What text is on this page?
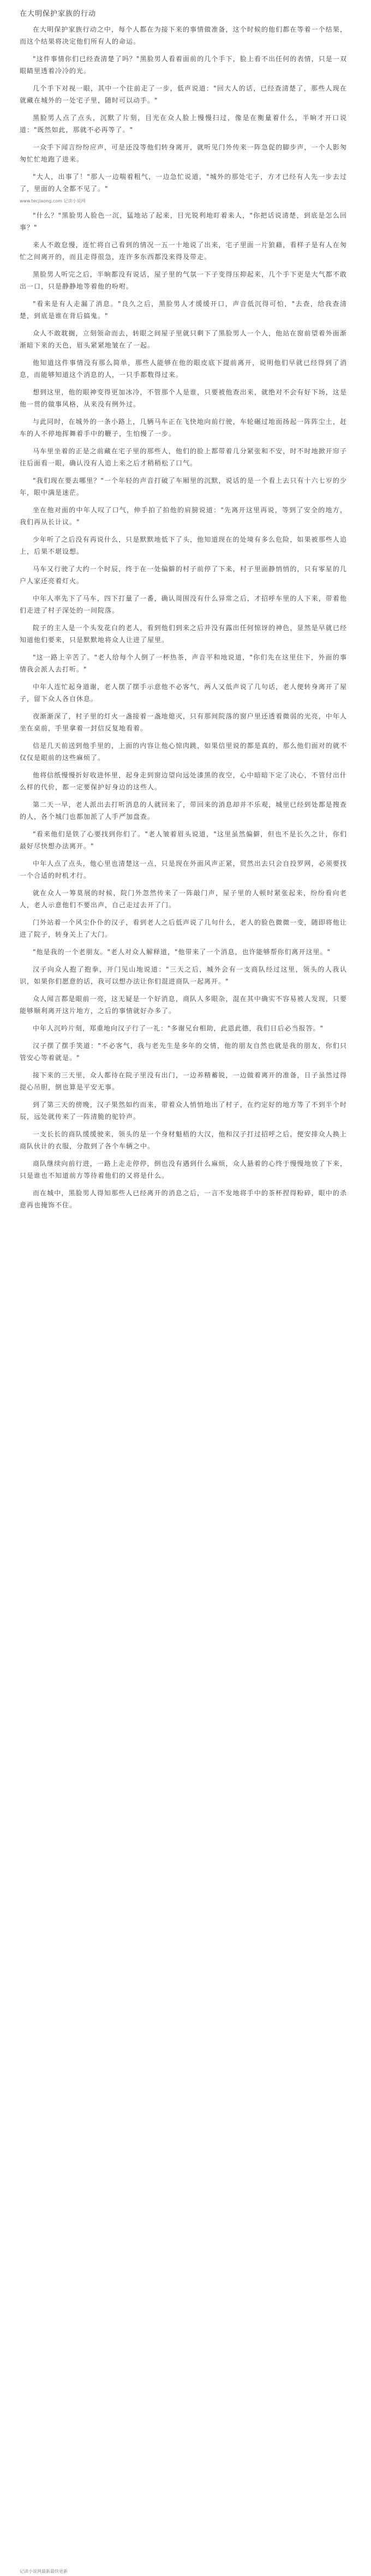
在大明保护家族的行动

在大明保护家族行动之中，每个人都在为接下来的事情做准备，这个时候的他们都在等着一个结果，而这个结果将决定他们所有人的命运。

"这件事情你们已经查清楚了吗？"黑脸男人看着面前的几个手下，脸上看不出任何的表情，只是一双眼睛里透着冷冷的光。

几个手下对视一眼，其中一个往前走了一步，低声说道："回大人的话，已经查清楚了，那些人现在就藏在城外的一处宅子里，随时可以动手。"

黑脸男人点了点头，沉默了片刻，目光在众人脸上慢慢扫过，像是在衡量着什么，半晌才开口说道："既然如此，那就不必再等了。"

一众手下闻言纷纷应声，可是还没等他们转身离开，就听见门外传来一阵急促的脚步声，一个人影匆匆忙忙地跑了进来。

"大人，出事了！"那人一边喘着粗气，一边急忙说道，"城外的那处宅子，方才已经有人先一步去过了，里面的人全都不见了。"

www.tecjiaong.com 记读小说网

"什么？"黑脸男人脸色一沉，猛地站了起来，目光锐利地盯着来人，"你把话说清楚，到底是怎么回事？"

来人不敢怠慢，连忙将自己看到的情况一五一十地说了出来，宅子里面一片狼藉，看样子是有人在匆忙之间离开的，而且走得很急，连许多东西都没来得及带走。

黑脸男人听完之后，半晌都没有说话，屋子里的气氛一下子变得压抑起来，几个手下更是大气都不敢出一口，只是静静地等着他的吩咐。

"看来是有人走漏了消息。"良久之后，黑脸男人才缓缓开口，声音低沉得可怕，"去查，给我查清楚，到底是谁在背后搞鬼。"

众人不敢耽搁，立刻领命而去，转眼之间屋子里就只剩下了黑脸男人一个人，他站在窗前望着外面渐渐暗下来的天色，眉头紧紧地皱在了一起。

他知道这件事情没有那么简单，那些人能够在他的眼皮底下提前离开，说明他们早就已经得到了消息，而能够知道这个消息的人，一只手都数得过来。

想到这里，他的眼神变得更加冰冷，不管那个人是谁，只要被他查出来，就绝对不会有好下场，这是他一贯的做事风格，从来没有例外过。

与此同时，在城外的一条小路上，几辆马车正在飞快地向前行驶，车轮碾过地面扬起一阵阵尘土，赶车的人不停地挥舞着手中的鞭子，生怕慢了一步。

马车里坐着的正是之前藏在宅子里的那些人，他们的脸上都带着几分紧张和不安，时不时地掀开帘子往后面看一眼，确认没有人追上来之后才稍稍松了口气。

"我们现在要去哪里？"一个年轻的声音打破了车厢里的沉默，说话的是一个看上去只有十六七岁的少年，眼中满是迷茫。

坐在他对面的中年人叹了口气，伸手拍了拍他的肩膀说道："先离开这里再说，等到了安全的地方，我们再从长计议。"

少年听了之后没有再说什么，只是默默地低下了头，他知道现在的处境有多么危险，如果被那些人追上，后果不堪设想。

马车又行驶了大约一个时辰，终于在一处偏僻的村子前停了下来，村子里面静悄悄的，只有零星的几户人家还亮着灯火。

中年人率先下了马车，四下打量了一番，确认周围没有什么异常之后，才招呼车里的人下来，带着他们走进了村子深处的一间院落。

院子的主人是一个头发花白的老人，看到他们到来之后并没有露出任何惊讶的神色，显然是早就已经知道他们要来，只是默默地将众人让进了屋里。

"这一路上辛苦了。"老人给每个人倒了一杯热茶，声音平和地说道，"你们先在这里住下，外面的事情我会派人去打听。"

中年人连忙起身道谢，老人摆了摆手示意他不必客气，两人又低声说了几句话，老人便转身离开了屋子，留下众人各自休息。

夜渐渐深了，村子里的灯火一盏接着一盏地熄灭，只有那间院落的窗户里还透着微弱的光亮，中年人坐在桌前，手里拿着一封信反复地看着。

信是几天前送到他手里的，上面的内容让他心惊肉跳，如果信里说的都是真的，那么他们面对的就不仅仅是眼前的这些麻烦了。

他将信纸慢慢折好收进怀里，起身走到窗边望向远处漆黑的夜空，心中暗暗下定了决心，不管付出什么样的代价，都一定要保护好身边的这些人。

第二天一早，老人派出去打听消息的人就回来了，带回来的消息却并不乐观，城里已经到处都是搜查的人，各个城门也都加派了人手严加盘查。

"看来他们是铁了心要找到你们了。"老人皱着眉头说道，"这里虽然偏僻，但也不是长久之计，你们最好尽快想办法离开。"

中年人点了点头，他心里也清楚这一点，只是现在外面风声正紧，贸然出去只会自投罗网，必须要找一个合适的时机才行。

就在众人一筹莫展的时候，院门外忽然传来了一阵敲门声，屋子里的人顿时紧张起来，纷纷看向老人，老人示意他们不要出声，自己走过去开了门。

门外站着一个风尘仆仆的汉子，看到老人之后低声说了几句什么，老人的脸色微微一变，随即将他让进了院子，转身关上了大门。

"他是我的一个老朋友。"老人对众人解释道，"他带来了一个消息，也许能够帮你们离开这里。"

汉子向众人抱了抱拳，开门见山地说道："三天之后，城外会有一支商队经过这里，领头的人我认识，如果你们愿意的话，我可以想办法让你们混进商队一起离开。"

众人闻言都是眼前一亮，这无疑是一个好消息，商队人多眼杂，混在其中确实不容易被人发现，只要能够顺利离开这片地方，之后的事情就好办多了。

中年人沉吟片刻，郑重地向汉子行了一礼："多谢兄台相助，此恩此德，我们日后必当报答。"

汉子摆了摆手笑道："不必客气，我与老先生是多年的交情，他的朋友自然也就是我的朋友，你们只管安心等着就是。"

接下来的三天里，众人都待在院子里没有出门，一边养精蓄锐，一边做着离开的准备，日子虽然过得提心吊胆，倒也算是平安无事。

到了第三天的傍晚，汉子果然如约而来，带着众人悄悄地出了村子，在约定好的地方等了不到半个时辰，远处就传来了一阵清脆的驼铃声。

一支长长的商队缓缓驶来，领头的是一个身材魁梧的大汉，他和汉子打过招呼之后，便安排众人换上商队伙计的衣服，分散到了各个车辆之中。

商队继续向前行进，一路上走走停停，倒也没有遇到什么麻烦，众人悬着的心终于慢慢地放了下来，只是谁也不知道前方等待着他们的又将是什么。

而在城中，黑脸男人得知那些人已经离开的消息之后，一言不发地将手中的茶杯捏得粉碎，眼中的杀意再也掩饰不住。

记读小说网最新最快更新
